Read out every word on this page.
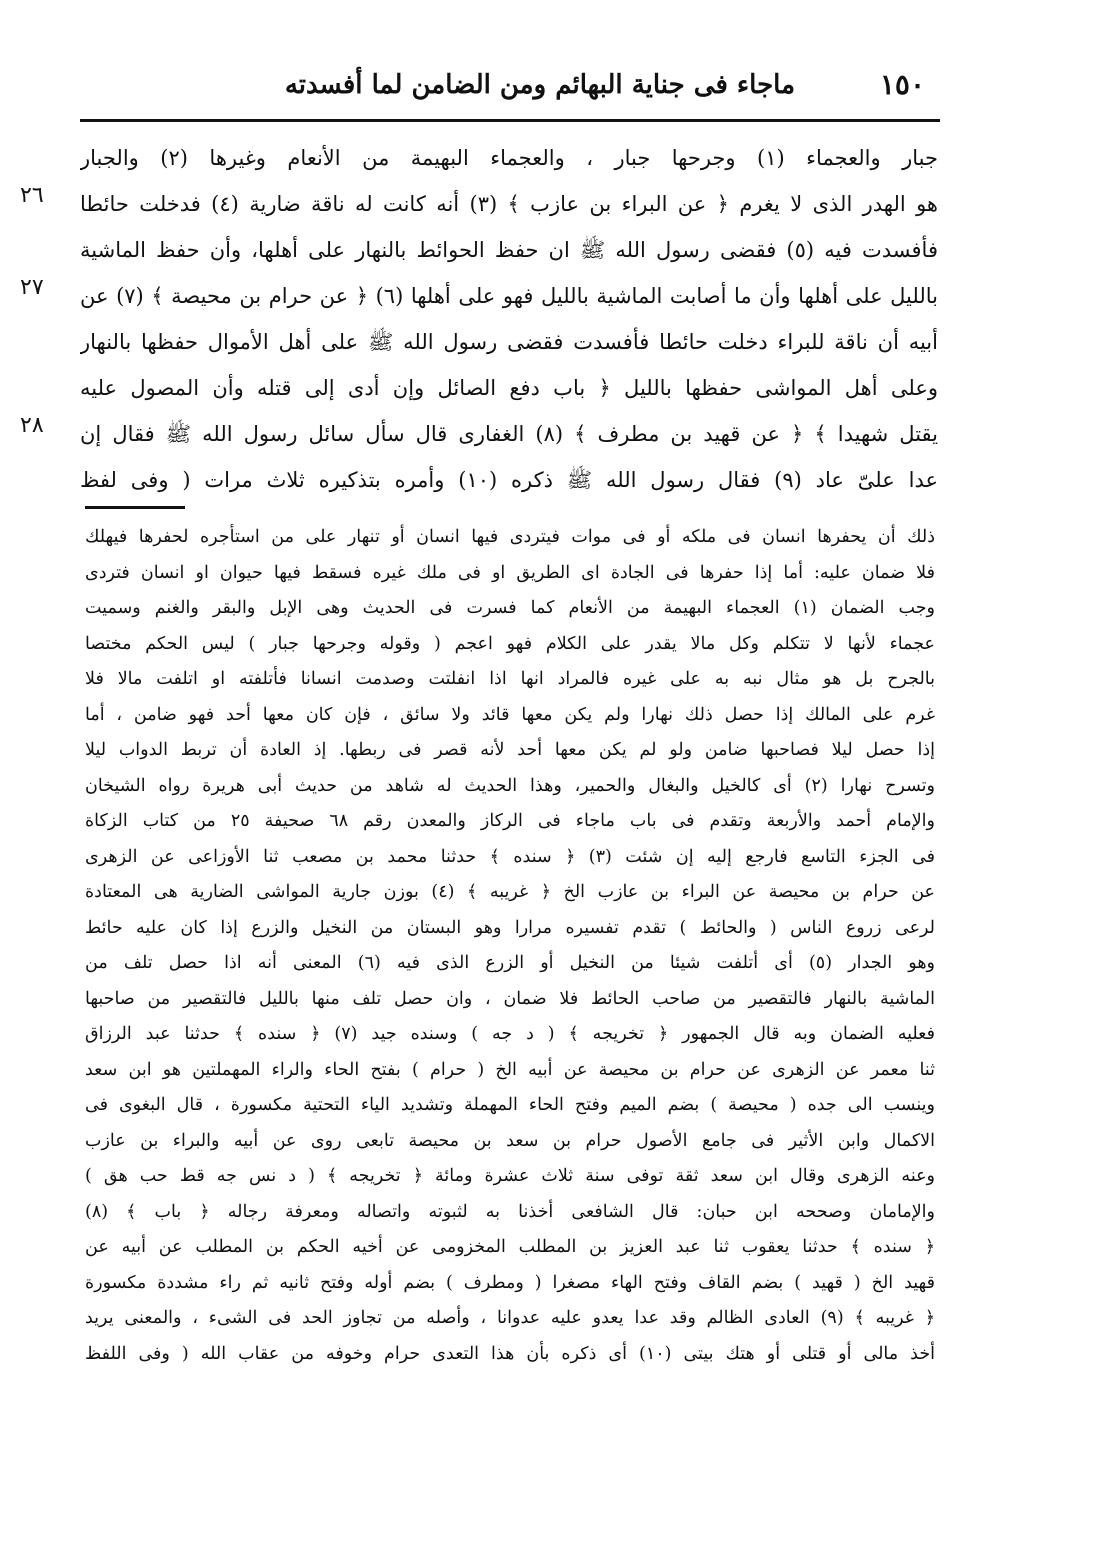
١٥٠
ماجاء فى جناية البهائم ومن الضامن لما أفسدته
٢٦
٢٧
٢٨
جبار والعجماء (١) وجرحها جبار ، والعجماء البهيمة من الأنعام وغيرها (٢) والجبار
هو الهدر الذى لا يغرم ﴿ عن البراء بن عازب ﴾ (٣) أنه كانت له ناقة ضارية (٤) فدخلت حائطا
فأفسدت فيه (٥) فقضى رسول الله ﷺ ان حفظ الحوائط بالنهار على أهلها، وأن حفظ الماشية
بالليل على أهلها وأن ما أصابت الماشية بالليل فهو على أهلها (٦) ﴿ عن حرام بن محيصة ﴾ (٧) عن
أبيه أن ناقة للبراء دخلت حائطا فأفسدت فقضى رسول الله ﷺ على أهل الأموال حفظها بالنهار
وعلى أهل المواشى حفظها بالليل ﴿ باب دفع الصائل وإن أدى إلى قتله وأن المصول عليه
يقتل شهيدا ﴾ ﴿ عن قهيد بن مطرف ﴾ (٨) الغفارى قال سأل سائل رسول الله ﷺ فقال إن
عدا علىّ عاد (٩) فقال رسول الله ﷺ ذكره (١٠) وأمره بتذكيره ثلاث مرات ( وفى لفظ
ذلك أن يحفرها انسان فى ملكه أو فى موات فيتردى فيها انسان أو تنهار على من استأجره لحفرها فيهلك
فلا ضمان عليه: أما إذا حفرها فى الجادة اى الطريق او فى ملك غيره فسقط فيها حيوان او انسان فتردى
وجب الضمان (١) العجماء البهيمة من الأنعام كما فسرت فى الحديث وهى الإبل والبقر والغنم وسميت
عجماء لأنها لا تتكلم وكل مالا يقدر على الكلام فهو اعجم ( وقوله وجرحها جبار ) ليس الحكم مختصا
بالجرح بل هو مثال نبه به على غيره فالمراد انها اذا انفلتت وصدمت انسانا فأتلفته او اتلفت مالا فلا
غرم على المالك إذا حصل ذلك نهارا ولم يكن معها قائد ولا سائق ، فإن كان معها أحد فهو ضامن ، أما
إذا حصل ليلا فصاحبها ضامن ولو لم يكن معها أحد لأنه قصر فى ربطها. إذ العادة أن تربط الدواب ليلا
وتسرح نهارا (٢) أى كالخيل والبغال والحمير، وهذا الحديث له شاهد من حديث أبى هريرة رواه الشيخان
والإمام أحمد والأربعة وتقدم فى باب ماجاء فى الركاز والمعدن رقم ٦٨ صحيفة ٢٥ من كتاب الزكاة
فى الجزء التاسع فارجع إليه إن شئت (٣) ﴿ سنده ﴾ حدثنا محمد بن مصعب ثنا الأوزاعى عن الزهرى
عن حرام بن محيصة عن البراء بن عازب الخ ﴿ غريبه ﴾ (٤) بوزن جارية المواشى الضارية هى المعتادة
لرعى زروع الناس ( والحائط ) تقدم تفسيره مرارا وهو البستان من النخيل والزرع إذا كان عليه حائط
وهو الجدار (٥) أى أتلفت شيئا من النخيل أو الزرع الذى فيه (٦) المعنى أنه اذا حصل تلف من
الماشية بالنهار فالتقصير من صاحب الحائط فلا ضمان ، وان حصل تلف منها بالليل فالتقصير من صاحبها
فعليه الضمان وبه قال الجمهور ﴿ تخريجه ﴾ ( د جه ) وسنده جيد (٧) ﴿ سنده ﴾ حدثنا عبد الرزاق
ثنا معمر عن الزهرى عن حرام بن محيصة عن أبيه الخ ( حرام ) بفتح الحاء والراء المهملتين هو ابن سعد
وينسب الى جده ( محيصة ) بضم الميم وفتح الحاء المهملة وتشديد الياء التحتية مكسورة ، قال البغوى فى
الاكمال وابن الأثير فى جامع الأصول حرام بن سعد بن محيصة تابعى روى عن أبيه والبراء بن عازب
وعنه الزهرى وقال ابن سعد ثقة توفى سنة ثلاث عشرة ومائة ﴿ تخريجه ﴾ ( د نس جه قط حب هق )
والإمامان وصححه ابن حبان: قال الشافعى أخذنا به لثبوته واتصاله ومعرفة رجاله ﴿ باب ﴾ (٨)
﴿ سنده ﴾ حدثنا يعقوب ثنا عبد العزيز بن المطلب المخزومى عن أخيه الحكم بن المطلب عن أبيه عن
قهيد الخ ( قهيد ) بضم القاف وفتح الهاء مصغرا ( ومطرف ) بضم أوله وفتح ثانيه ثم راء مشددة مكسورة
﴿ غريبه ﴾ (٩) العادى الظالم وقد عدا يعدو عليه عدوانا ، وأصله من تجاوز الحد فى الشىء ، والمعنى يريد
أخذ مالى أو قتلى أو هتك بيتى (١٠) أى ذكره بأن هذا التعدى حرام وخوفه من عقاب الله ( وفى اللفظ
